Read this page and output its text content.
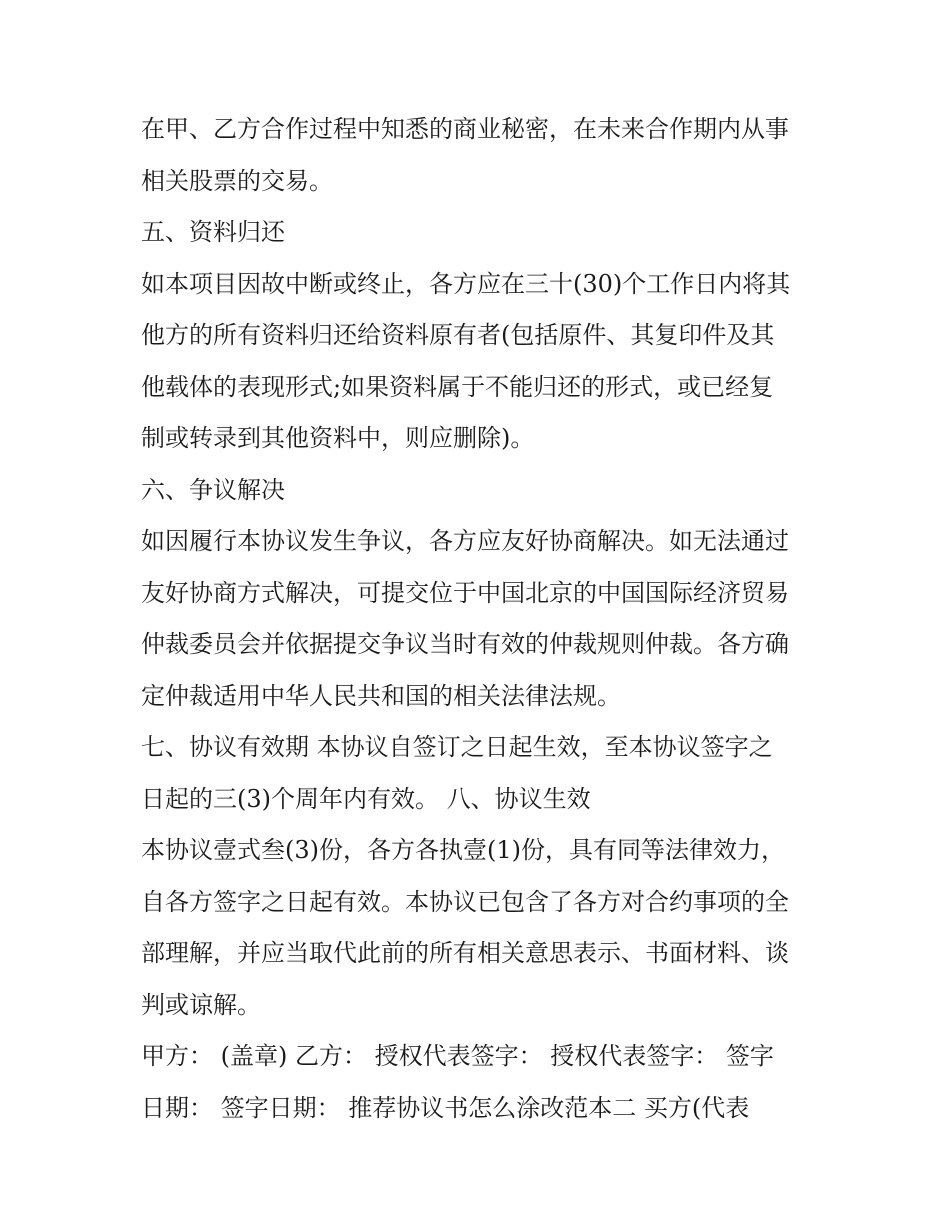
在甲、乙方合作过程中知悉的商业秘密，在未来合作期内从事
相关股票的交易。
五、资料归还
如本项目因故中断或终止，各方应在三十(30)个工作日内将其
他方的所有资料归还给资料原有者(包括原件、其复印件及其
他载体的表现形式;如果资料属于不能归还的形式，或已经复
制或转录到其他资料中，则应删除)。
六、争议解决
如因履行本协议发生争议，各方应友好协商解决。如无法通过
友好协商方式解决，可提交位于中国北京的中国国际经济贸易
仲裁委员会并依据提交争议当时有效的仲裁规则仲裁。各方确
定仲裁适用中华人民共和国的相关法律法规。
七、协议有效期 本协议自签订之日起生效，至本协议签字之
日起的三(3)个周年内有效。 八、协议生效
本协议壹式叁(3)份，各方各执壹(1)份，具有同等法律效力，
自各方签字之日起有效。本协议已包含了各方对合约事项的全
部理解，并应当取代此前的所有相关意思表示、书面材料、谈
判或谅解。
甲方： (盖章) 乙方： 授权代表签字： 授权代表签字： 签字
日期： 签字日期： 推荐协议书怎么涂改范本二 买方(代表
